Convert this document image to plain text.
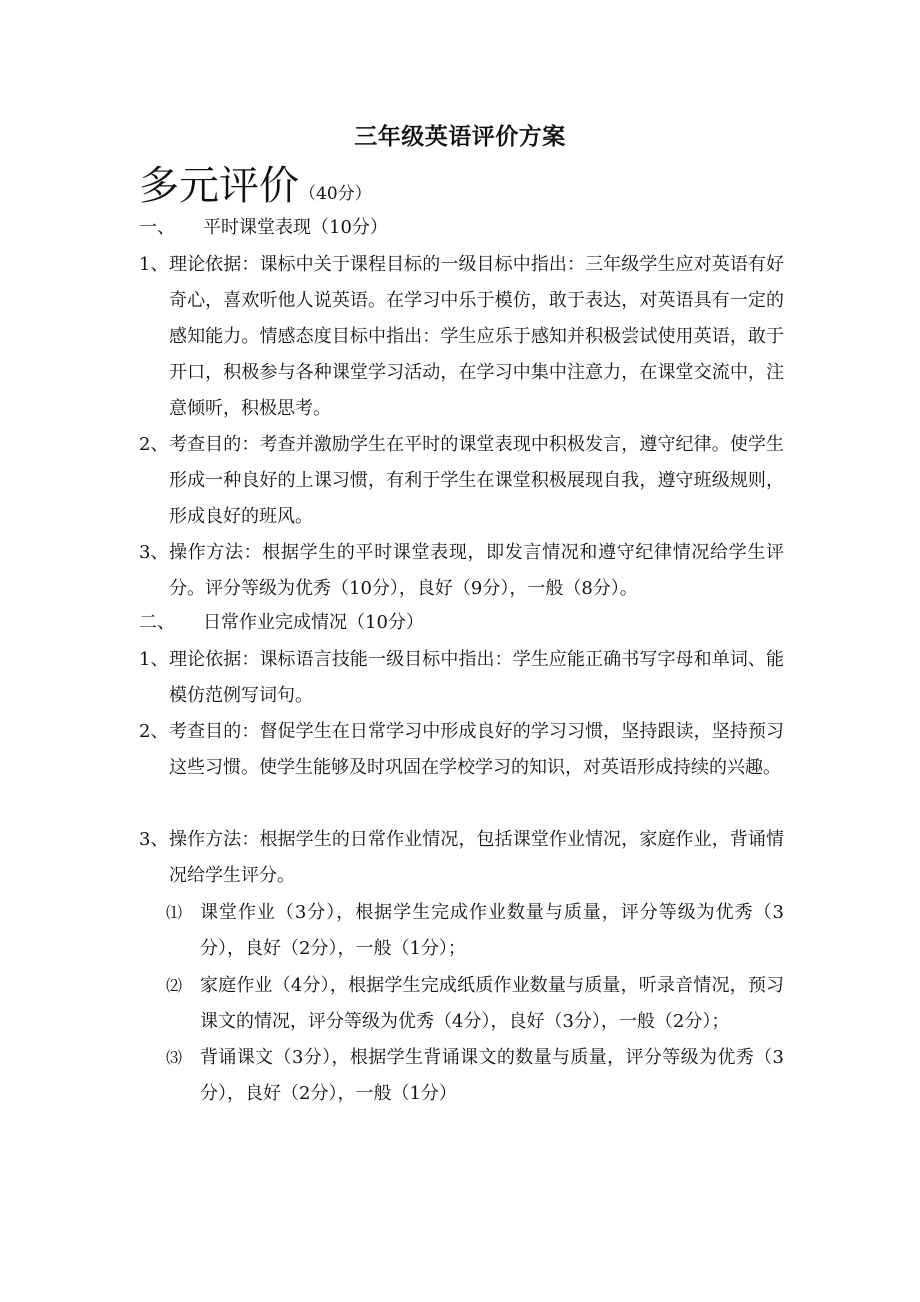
三年级英语评价方案
多元评价（40分）
一、 平时课堂表现（10分）
1、 理论依据：课标中关于课程目标的一级目标中指出：三年级学生应对英语有好奇心，喜欢听他人说英语。在学习中乐于模仿，敢于表达，对英语具有一定的感知能力。情感态度目标中指出：学生应乐于感知并积极尝试使用英语，敢于开口，积极参与各种课堂学习活动，在学习中集中注意力，在课堂交流中，注意倾听，积极思考。
2、 考查目的：考查并激励学生在平时的课堂表现中积极发言，遵守纪律。使学生形成一种良好的上课习惯，有利于学生在课堂积极展现自我，遵守班级规则，形成良好的班风。
3、 操作方法：根据学生的平时课堂表现，即发言情况和遵守纪律情况给学生评分。评分等级为优秀（10分），良好（9分），一般（8分）。
二、 日常作业完成情况（10分）
1、 理论依据：课标语言技能一级目标中指出：学生应能正确书写字母和单词、能模仿范例写词句。
2、 考查目的：督促学生在日常学习中形成良好的学习习惯，坚持跟读，坚持预习这些习惯。使学生能够及时巩固在学校学习的知识，对英语形成持续的兴趣。
3、 操作方法：根据学生的日常作业情况，包括课堂作业情况，家庭作业，背诵情况给学生评分。
⑴ 课堂作业（3分），根据学生完成作业数量与质量，评分等级为优秀（3分），良好（2分），一般（1分）；
⑵ 家庭作业（4分），根据学生完成纸质作业数量与质量，听录音情况，预习课文的情况，评分等级为优秀（4分），良好（3分），一般（2分）；
⑶ 背诵课文（3分），根据学生背诵课文的数量与质量，评分等级为优秀（3分），良好（2分），一般（1分）
